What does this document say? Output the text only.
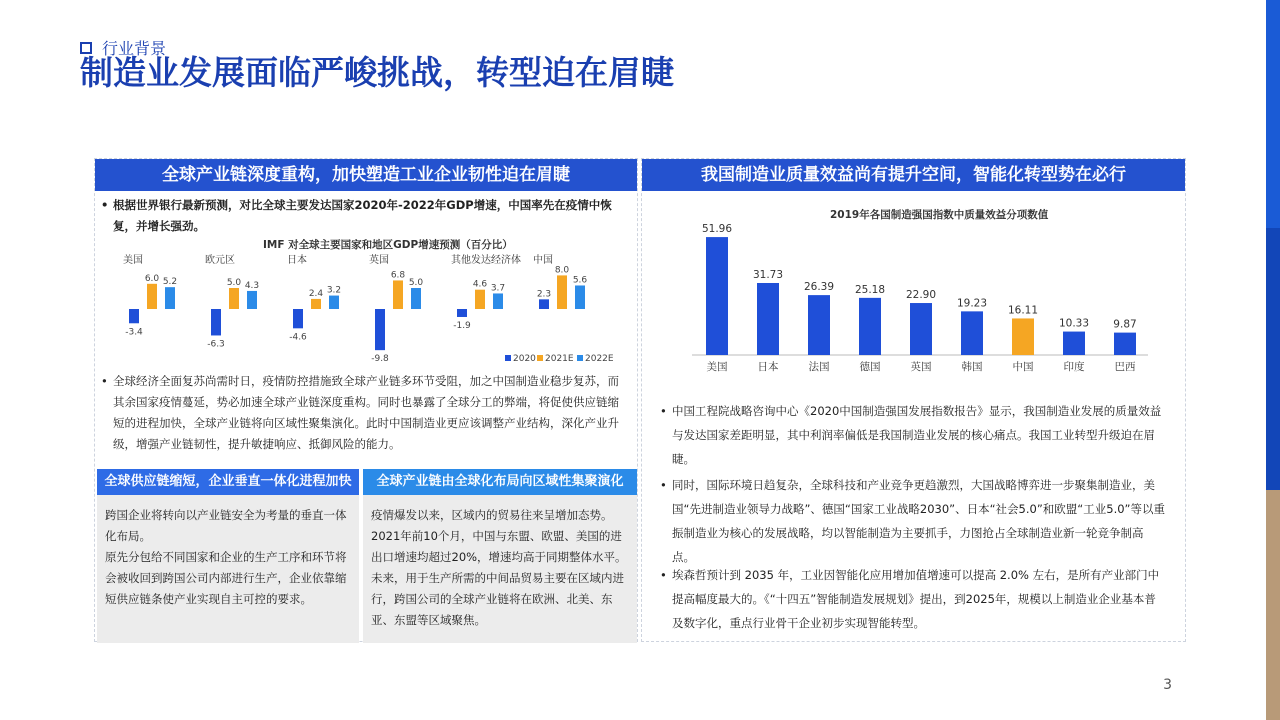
行业背景
制造业发展面临严峻挑战，转型迫在眉睫
全球产业链深度重构，加快塑造工业企业韧性迫在眉睫
• 根据世界银行最新预测，对比全球主要发达国家2020年-2022年GDP增速，中国率先在疫情中恢复，并增长强劲。
IMF 对全球主要国家和地区GDP增速预测（百分比）
美国
-3.4
6.0 5.2
欧元区
-6.3
5.0 4.3
日本
-4.6
2.4 3.2
英国
-9.8
6.8
5.0
其他发达经济体
-1.9
4.6 3.7
中国
2.3
8.0
5.6
2020 2021E 2022E
• 全球经济全面复苏尚需时日，疫情防控措施致全球产业链多环节受阻，加之中国制造业稳步复苏，而其余国家疫情蔓延，势必加速全球产业链深度重构。同时也暴露了全球分工的弊端，将促使供应链缩短的进程加快，全球产业链将向区域性聚集演化。此时中国制造业更应该调整产业结构，深化产业升级，增强产业链韧性，提升敏捷响应、抵御风险的能力。
全球供应链缩短，企业垂直一体化进程加快
跨国企业将转向以产业链安全为考量的垂直一体化布局。
原先分包给不同国家和企业的生产工序和环节将会被收回到跨国公司内部进行生产，企业依靠缩短供应链条使产业实现自主可控的要求。
全球产业链由全球化布局向区域性集聚演化
疫情爆发以来，区域内的贸易往来呈增加态势。2021年前10个月，中国与东盟、欧盟、美国的进出口增速均超过20%，增速均高于同期整体水平。未来，用于生产所需的中间品贸易主要在区域内进行，跨国公司的全球产业链将在欧洲、北美、东亚、东盟等区域聚焦。
我国制造业质量效益尚有提升空间，智能化转型势在必行
2019年各国制造强国指数中质量效益分项数值
51.96
美国
31.73
日本
26.39
法国
25.18
德国
22.90
英国
19.23
韩国
16.11
中国
10.33
印度
9.87
巴西
• 中国工程院战略咨询中心《2020中国制造强国发展指数报告》显示，我国制造业发展的质量效益与发达国家差距明显，其中利润率偏低是我国制造业发展的核心痛点。我国工业转型升级迫在眉睫。
• 同时，国际环境日趋复杂，全球科技和产业竞争更趋激烈，大国战略博弈进一步聚集制造业，美国“先进制造业领导力战略”、德国“国家工业战略2030”、日本“社会5.0”和欧盟“工业5.0”等以重振制造业为核心的发展战略，均以智能制造为主要抓手，力图抢占全球制造业新一轮竞争制高点。
• 埃森哲预计到 2035 年，工业因智能化应用增加值增速可以提高 2.0% 左右，是所有产业部门中提高幅度最大的。《“十四五”智能制造发展规划》提出，到2025年，规模以上制造业企业基本普及数字化，重点行业骨干企业初步实现智能转型。
3
